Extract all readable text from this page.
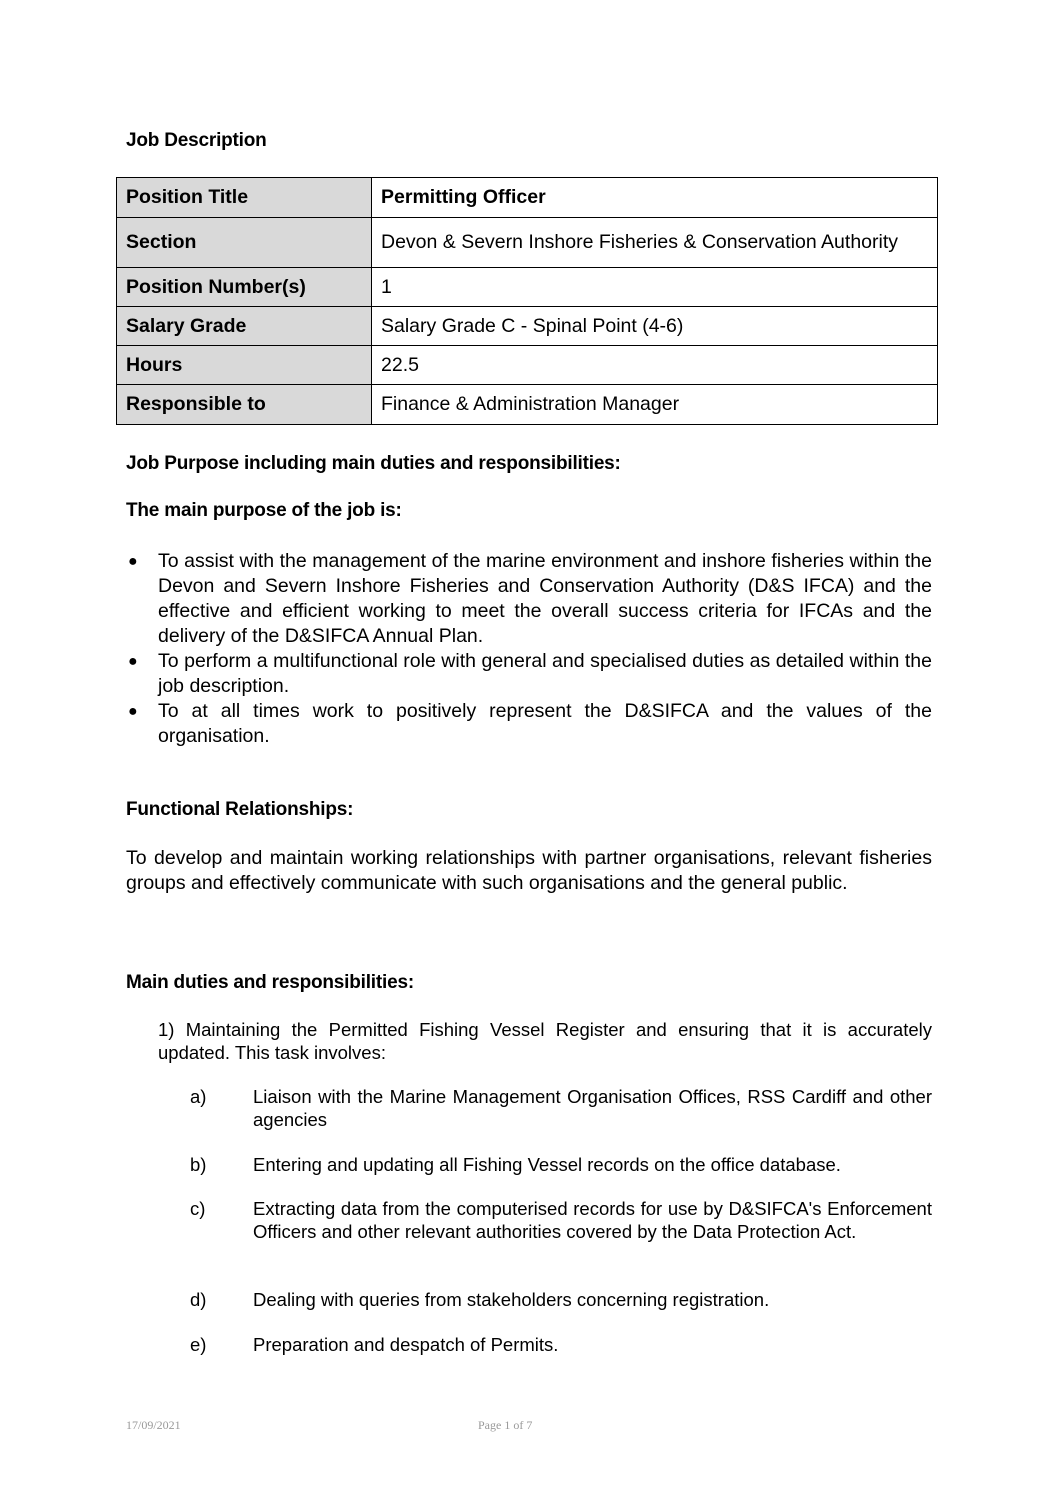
Job Description
Position Title	Permitting Officer
Section	Devon & Severn Inshore Fisheries & Conservation Authority
Position Number(s)	1
Salary Grade	Salary Grade C - Spinal Point (4-6)
Hours	22.5
Responsible to	Finance & Administration Manager
Job Purpose including main duties and responsibilities:
The main purpose of the job is:
● To assist with the management of the marine environment and inshore fisheries within the Devon and Severn Inshore Fisheries and Conservation Authority (D&S IFCA) and the effective and efficient working to meet the overall success criteria for IFCAs and the delivery of the D&SIFCA Annual Plan.
● To perform a multifunctional role with general and specialised duties as detailed within the job description.
● To at all times work to positively represent the D&SIFCA and the values of the organisation.
Functional Relationships:
To develop and maintain working relationships with partner organisations, relevant fisheries groups and effectively communicate with such organisations and the general public.
Main duties and responsibilities:
1) Maintaining the Permitted Fishing Vessel Register and ensuring that it is accurately updated. This task involves:
a)	Liaison with the Marine Management Organisation Offices, RSS Cardiff and other agencies
b)	Entering and updating all Fishing Vessel records on the office database.
c)	Extracting data from the computerised records for use by D&SIFCA's Enforcement Officers and other relevant authorities covered by the Data Protection Act.
d)	Dealing with queries from stakeholders concerning registration.
e)	Preparation and despatch of Permits.
17/09/2021	Page 1 of 7
